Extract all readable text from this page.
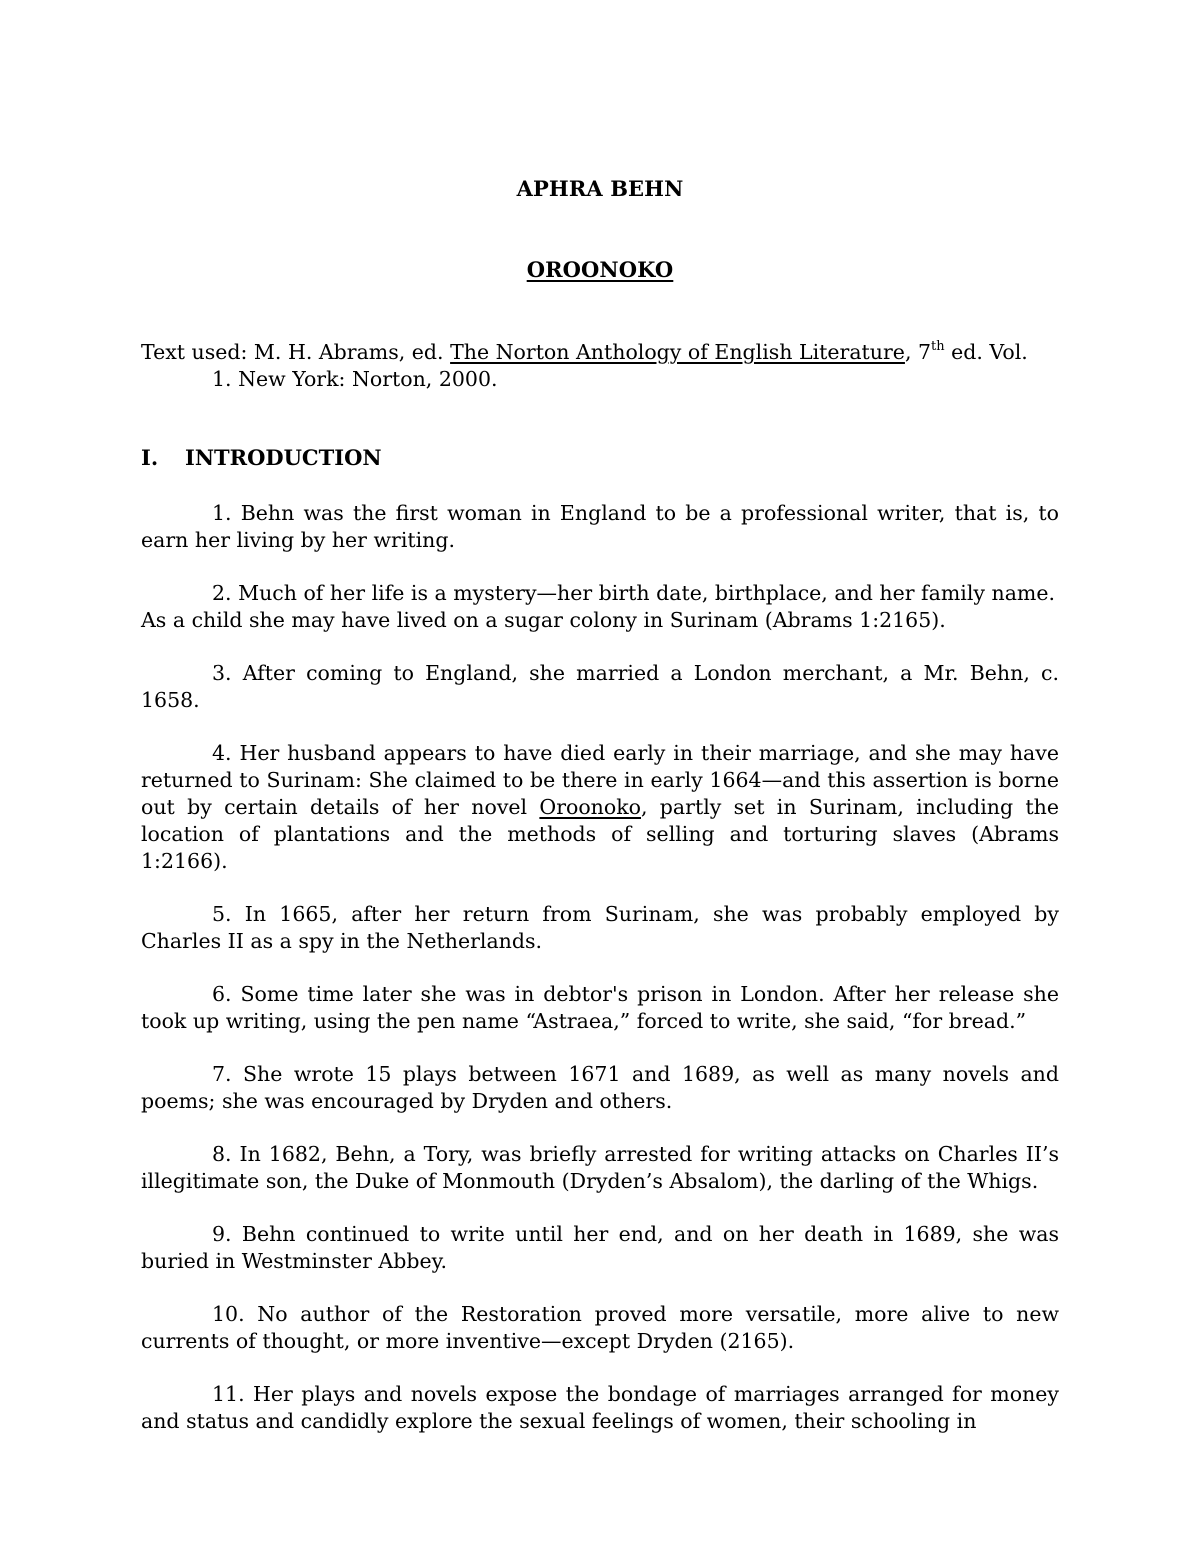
APHRA BEHN
OROONOKO
Text used: M. H. Abrams, ed. The Norton Anthology of English Literature, 7th ed. Vol.
1. New York: Norton, 2000.
I. INTRODUCTION

1. Behn was the first woman in England to be a professional writer, that is, to earn her living by her writing.

2. Much of her life is a mystery—her birth date, birthplace, and her family name. As a child she may have lived on a sugar colony in Surinam (Abrams 1:2165).

3. After coming to England, she married a London merchant, a Mr. Behn, c. 1658.

4. Her husband appears to have died early in their marriage, and she may have returned to Surinam: She claimed to be there in early 1664—and this assertion is borne out by certain details of her novel Oroonoko, partly set in Surinam, including the location of plantations and the methods of selling and torturing slaves (Abrams 1:2166).

5. In 1665, after her return from Surinam, she was probably employed by Charles II as a spy in the Netherlands.

6. Some time later she was in debtor's prison in London. After her release she took up writing, using the pen name “Astraea,” forced to write, she said, “for bread.”

7. She wrote 15 plays between 1671 and 1689, as well as many novels and poems; she was encouraged by Dryden and others.

8. In 1682, Behn, a Tory, was briefly arrested for writing attacks on Charles II’s illegitimate son, the Duke of Monmouth (Dryden’s Absalom), the darling of the Whigs.

9. Behn continued to write until her end, and on her death in 1689, she was buried in Westminster Abbey.

10. No author of the Restoration proved more versatile, more alive to new currents of thought, or more inventive—except Dryden (2165).

11. Her plays and novels expose the bondage of marriages arranged for money and status and candidly explore the sexual feelings of women, their schooling in
